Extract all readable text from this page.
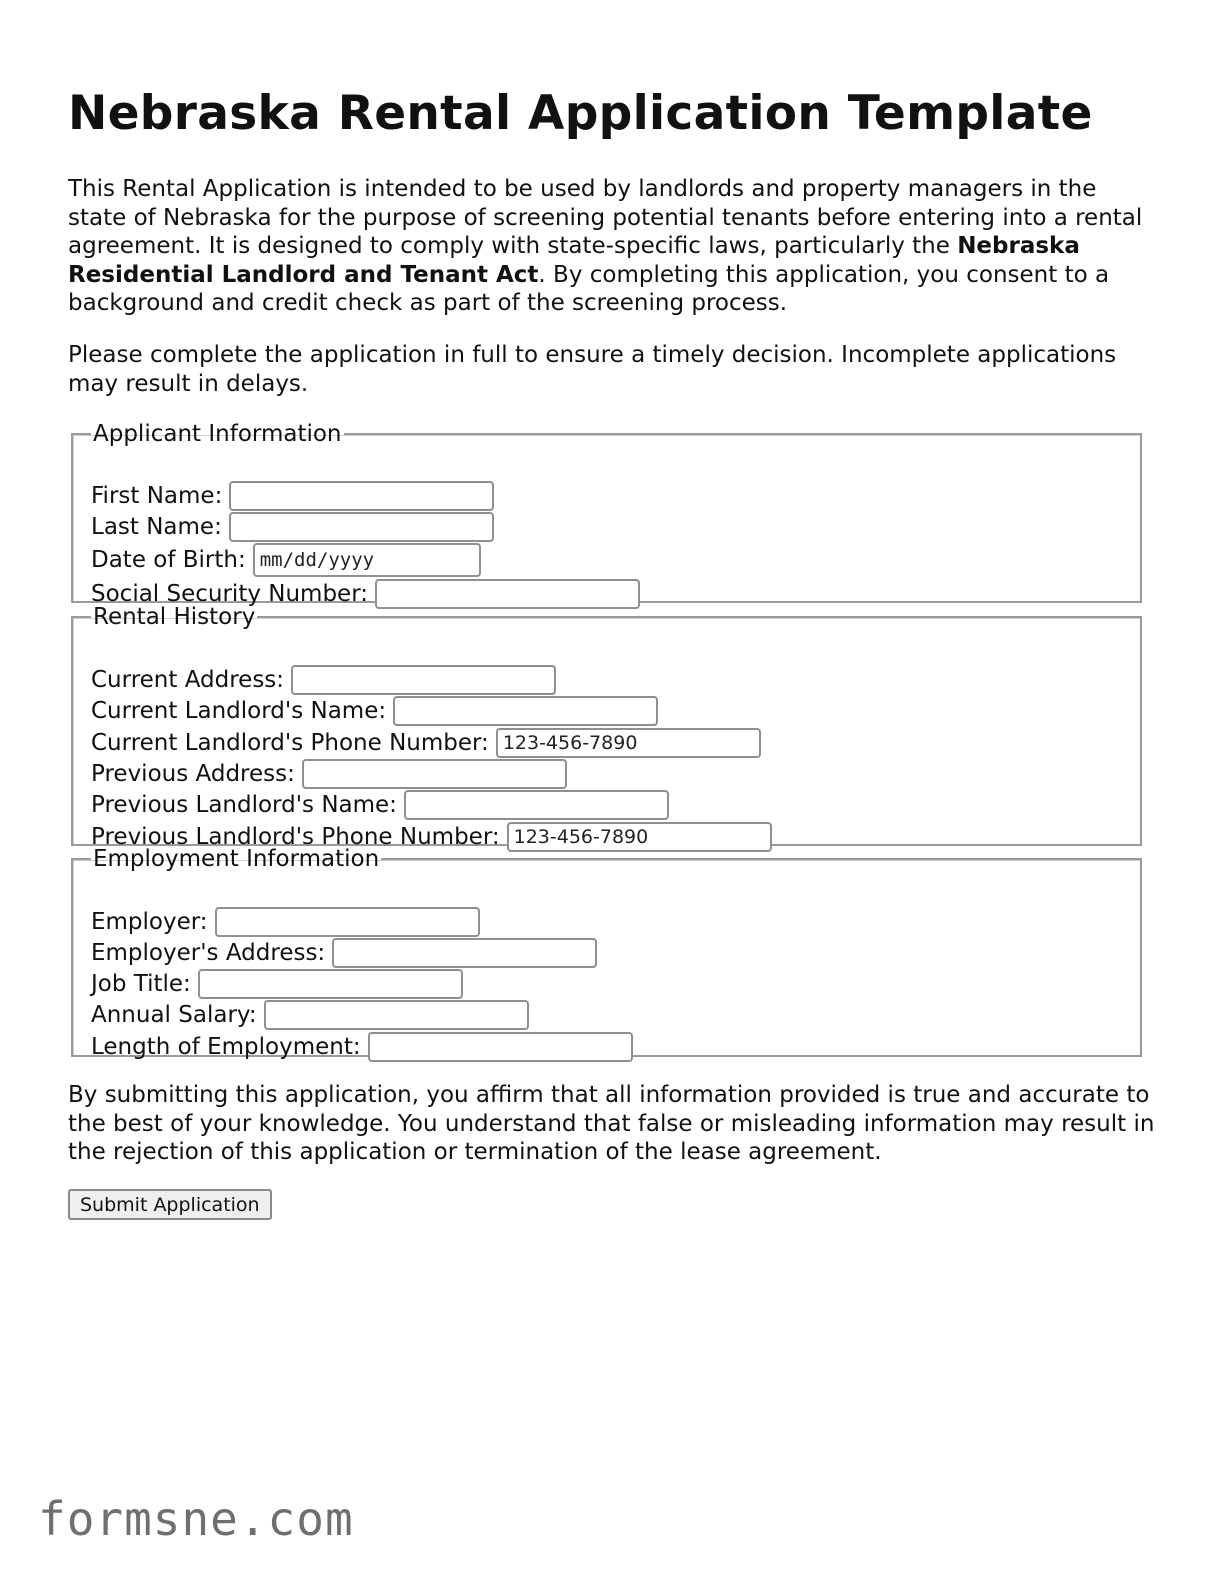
Nebraska Rental Application Template

This Rental Application is intended to be used by landlords and property managers in the state of Nebraska for the purpose of screening potential tenants before entering into a rental agreement. It is designed to comply with state-specific laws, particularly the Nebraska Residential Landlord and Tenant Act. By completing this application, you consent to a background and credit check as part of the screening process.

Please complete the application in full to ensure a timely decision. Incomplete applications may result in delays.

Applicant Information
First Name:
Last Name:
Date of Birth:
mm/dd/yyyy
Social Security Number:
Rental History
Current Address:
Current Landlord's Name:
Current Landlord's Phone Number:
123-456-7890
Previous Address:
Previous Landlord's Name:
Previous Landlord's Phone Number:
123-456-7890
Employment Information
Employer:
Employer's Address:
Job Title:
Annual Salary:
Length of Employment:

By submitting this application, you affirm that all information provided is true and accurate to the best of your knowledge. You understand that false or misleading information may result in the rejection of this application or termination of the lease agreement.

Submit Application
formsne.com
